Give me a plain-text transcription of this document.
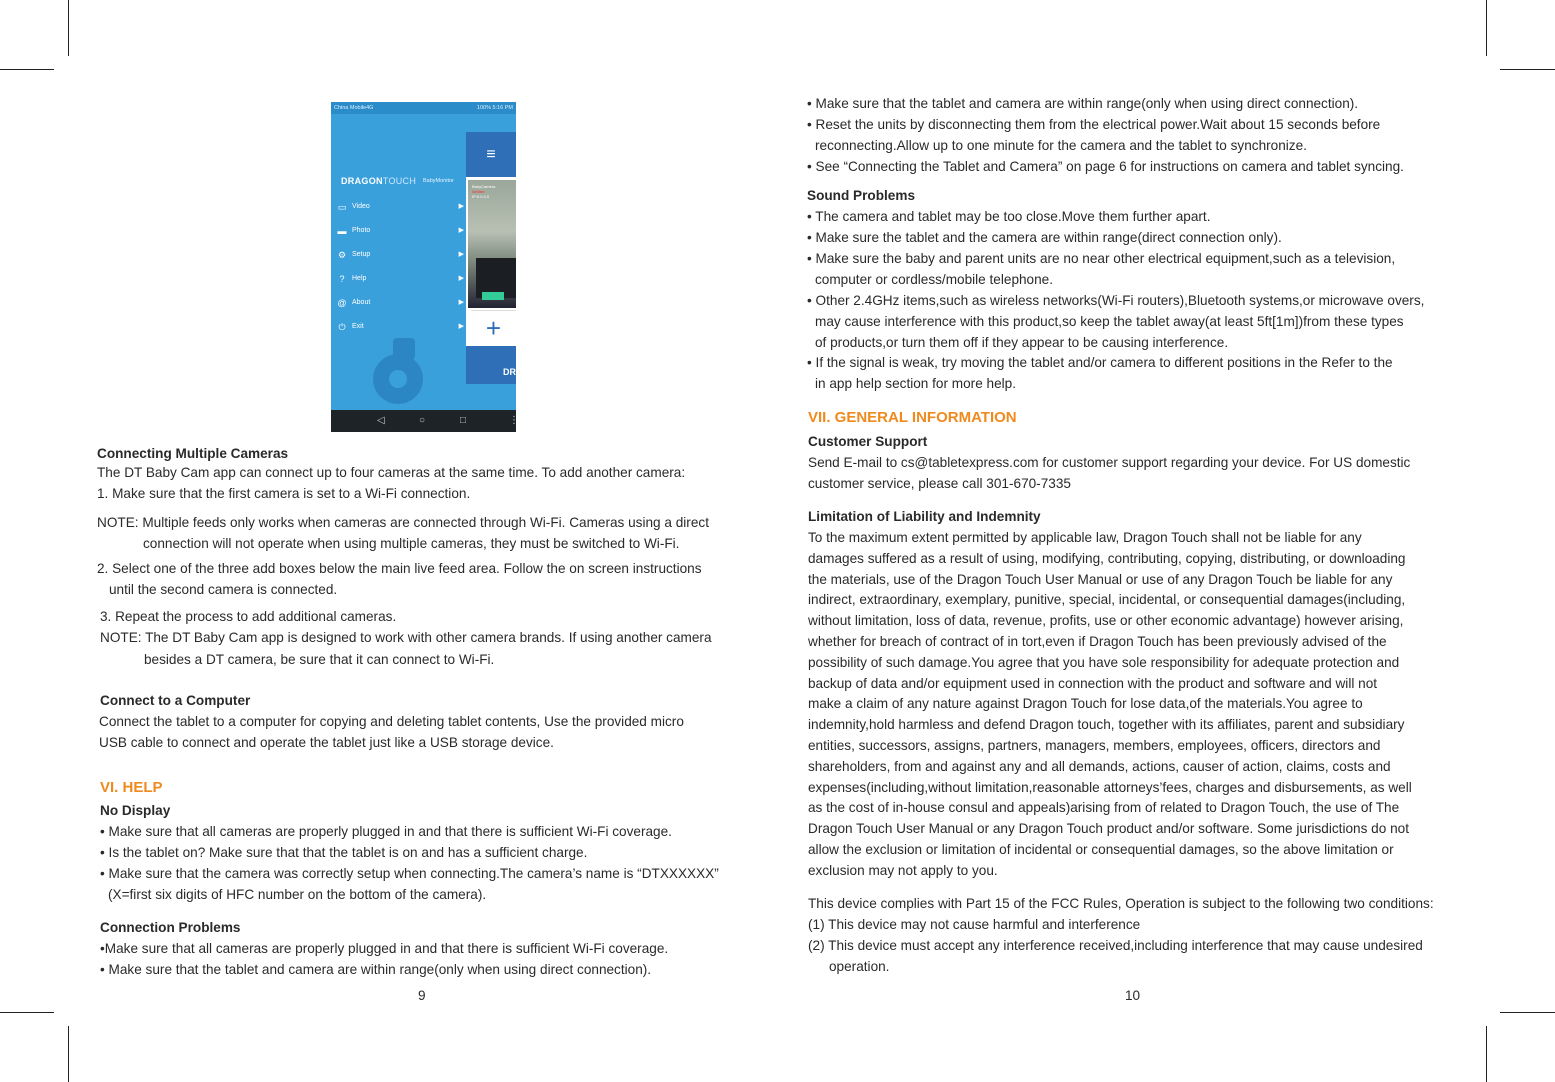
China Mobile4G	100% 5:16 PM
DRAGONTOUCH BabyMonitor
▭ Video	▶
▬ Photo	▶
⚙ Setup	▶
?	Help	▶
@ About	▶
⏻ Exit	▶
≡
BabyCamera
Online
IP:0.0.0.0
+
DR
◁	○	□	⋮

Connecting Multiple Cameras

The DT Baby Cam app can connect up to four cameras at the same time. To add another camera:

1. Make sure that the first camera is set to a Wi-Fi connection.

NOTE: Multiple feeds only works when cameras are connected through Wi-Fi. Cameras using a direct

connection will not operate when using multiple cameras, they must be switched to Wi-Fi.

2. Select one of the three add boxes below the main live feed area. Follow the on screen instructions

until the second camera is connected.

3. Repeat the process to add additional cameras.

NOTE: The DT Baby Cam app is designed to work with other camera brands. If using another camera

besides a DT camera, be sure that it can connect to Wi-Fi.

Connect to a Computer

Connect the tablet to a computer for copying and deleting tablet contents, Use the provided micro

USB cable to connect and operate the tablet just like a USB storage device.

VI. HELP

No Display

• Make sure that all cameras are properly plugged in and that there is sufficient Wi-Fi coverage.

• Is the tablet on? Make sure that that the tablet is on and has a sufficient charge.

• Make sure that the camera was correctly setup when connecting.The camera’s name is “DTXXXXXX”

(X=first six digits of HFC number on the bottom of the camera).

Connection Problems

•Make sure that all cameras are properly plugged in and that there is sufficient Wi-Fi coverage.

• Make sure that the tablet and camera are within range(only when using direct connection).

9

• Make sure that the tablet and camera are within range(only when using direct connection).

• Reset the units by disconnecting them from the electrical power.Wait about 15 seconds before

reconnecting.Allow up to one minute for the camera and the tablet to synchronize.

• See “Connecting the Tablet and Camera” on page 6 for instructions on camera and tablet syncing.

Sound Problems

• The camera and tablet may be too close.Move them further apart.

• Make sure the tablet and the camera are within range(direct connection only).

• Make sure the baby and parent units are no near other electrical equipment,such as a television,

computer or cordless/mobile telephone.

• Other 2.4GHz items,such as wireless networks(Wi-Fi routers),Bluetooth systems,or microwave overs,

may cause interference with this product,so keep the tablet away(at least 5ft[1m])from these types

of products,or turn them off if they appear to be causing interference.

• If the signal is weak, try moving the tablet and/or camera to different positions in the Refer to the

in app help section for more help.

VII. GENERAL INFORMATION

Customer Support

Send E-mail to cs@tabletexpress.com for customer support regarding your device. For US domestic

customer service, please call 301-670-7335

Limitation of Liability and Indemnity

To the maximum extent permitted by applicable law, Dragon Touch shall not be liable for any

damages suffered as a result of using, modifying, contributing, copying, distributing, or downloading

the materials, use of the Dragon Touch User Manual or use of any Dragon Touch be liable for any

indirect, extraordinary, exemplary, punitive, special, incidental, or consequential damages(including,

without limitation, loss of data, revenue, profits, use or other economic advantage) however arising,

whether for breach of contract of in tort,even if Dragon Touch has been previously advised of the

possibility of such damage.You agree that you have sole responsibility for adequate protection and

backup of data and/or equipment used in connection with the product and software and will not

make a claim of any nature against Dragon Touch for lose data,of the materials.You agree to

indemnity,hold harmless and defend Dragon touch, together with its affiliates, parent and subsidiary

entities, successors, assigns, partners, managers, members, employees, officers, directors and

shareholders, from and against any and all demands, actions, causer of action, claims, costs and

expenses(including,without limitation,reasonable attorneys’fees, charges and disbursements, as well

as the cost of in-house consul and appeals)arising from of related to Dragon Touch, the use of The

Dragon Touch User Manual or any Dragon Touch product and/or software. Some jurisdictions do not

allow the exclusion or limitation of incidental or consequential damages, so the above limitation or

exclusion may not apply to you.

This device complies with Part 15 of the FCC Rules, Operation is subject to the following two conditions:

(1) This device may not cause harmful and interference

(2) This device must accept any interference received,including interference that may cause undesired

operation.

10
